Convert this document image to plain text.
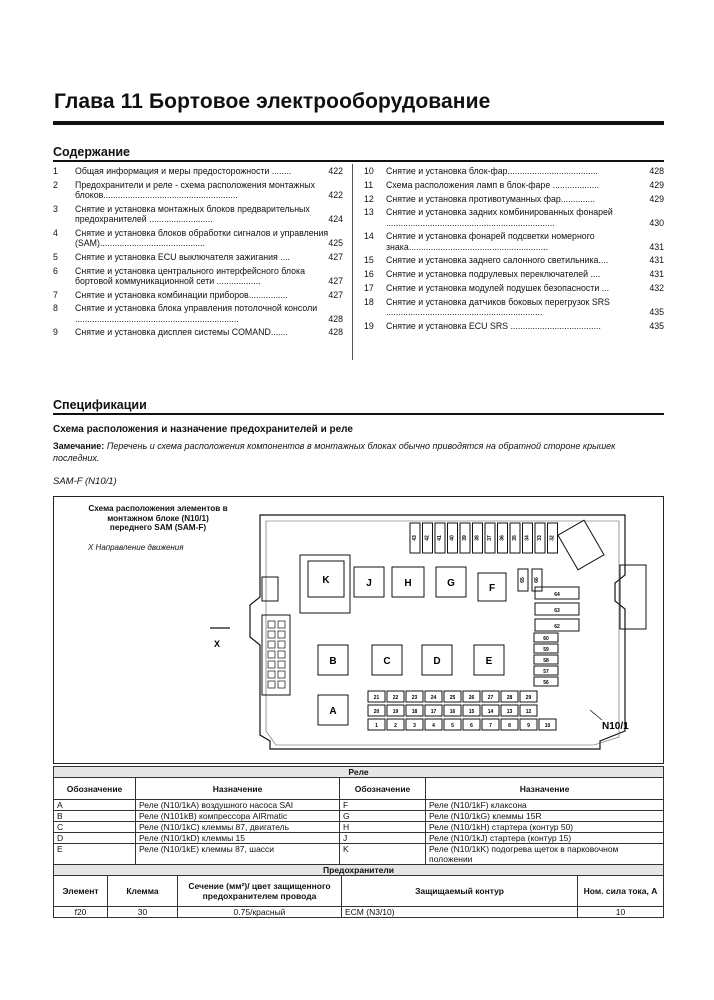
Глава 11 Бортовое электрооборудование
Содержание
1	Общая информация и меры предосторожности ........	422
2	Предохранители и реле - схема расположения монтажных блоков.......................................................	422
3	Снятие и установка монтажных блоков предварительных предохранителей ..........................	424
4	Снятие и установка блоков обработки сигналов и управления (SAM)...........................................	425
5	Снятие и установка ECU выключателя зажигания ....	427
6	Снятие и установка центрального интерфейсного блока бортовой коммуникационной сети ..................	427
7	Снятие и установка комбинации приборов................	427
8	Снятие и установка блока управления потолочной консоли ...................................................................	428
9	Снятие и установка дисплея системы COMAND.......	428
10	Снятие и установка блок-фар.....................................	428
11	Схема расположения ламп в блок-фаре ...................	429
12	Снятие и установка противотуманных фар..............	429
13	Снятие и установка задних комбинированных фонарей .....................................................................	430
14	Снятие и установка фонарей подсветки номерного знака.........................................................	431
15	Снятие и установка заднего салонного светильника....	431
16	Снятие и установка подрулевых переключателей ....	431
17	Снятие и установка модулей подушек безопасности ...	432
18	Снятие и установка датчиков боковых перегрузок SRS ................................................................	435
19	Снятие и установка ECU SRS .....................................	435
Спецификации
Схема расположения и назначение предохранителей и реле
Замечание: Перечень и схема расположения компонентов в монтажных блоках обычно приводятся на обратной стороне крышек последних.
SAM-F (N10/1)
Схема расположения элементов в монтажном блоке (N10/1) переднего SAM (SAM-F)
X Направление движения
X
N10/1
43 42 41 40 39 38 37 36 35 34 33 32
K	J	H	G	F
64
63
62
65 66
B	C	D	E
A
60
59
58
57
56
21	22	23	24	25	26	27	28	29
20	19	18	17	16	15	14	13	12
1	2	3	4	5	6	7	8	9	10
Реле			
Обозначение	Назначение	Обозначение	Назначение
A	Реле (N10/1kA) воздушного насоса SAI	F	Реле (N10/1kF) клаксона
B	Реле (N101kB) компрессора AIRmatic	G	Реле (N10/1kG) клеммы 15R
C	Реле (N10/1kC) клеммы 87, двигатель	H	Реле (N10/1kH) стартера (контур 50)
D	Реле (N10/1kD) клеммы 15	J	Реле (N10/1kJ) стартера (контур 15)
E	Реле (N10/1kE) клеммы 87, шасси	K	Реле (N10/1kK) подогрева щеток в парковочном положении
Предохранители				
Элемент	Клемма	Сечение (мм²)/ цвет защищенного предохранителем провода	Защищаемый контур	Ном. сила тока, А
f20	30	0.75/красный	ECM (N3/10)	10
